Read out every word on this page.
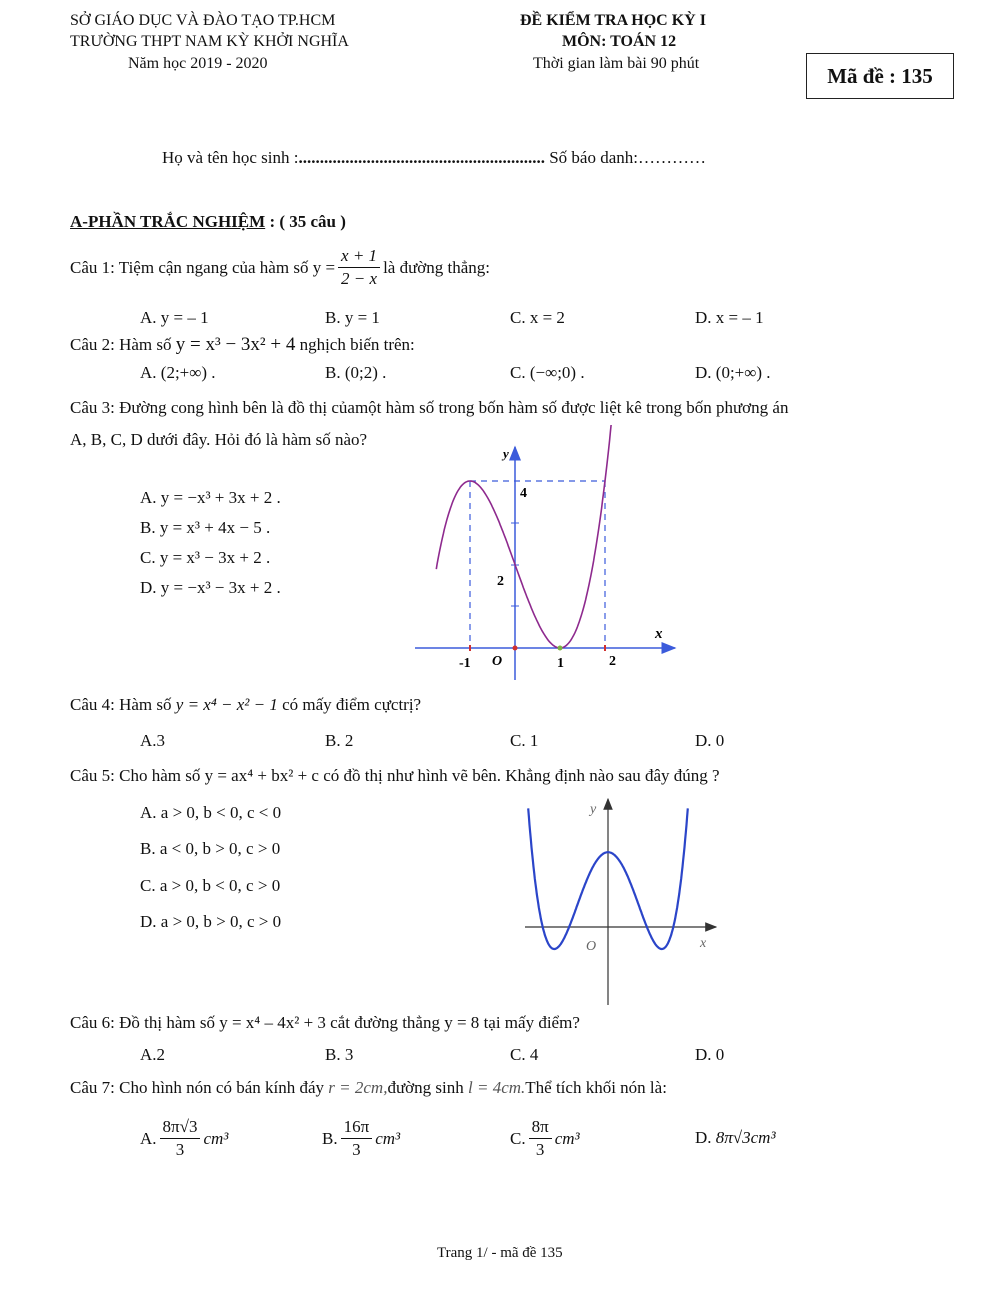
SỞ GIÁO DỤC VÀ ĐÀO TẠO TP.HCM
TRƯỜNG THPT NAM KỲ KHỞI NGHĨA
Năm học 2019 - 2020
ĐỀ KIỂM TRA HỌC KỲ I
MÔN: TOÁN 12
Thời gian làm bài 90 phút	Mã đề : 135
Họ và tên học sinh :.......................................................... Số báo danh:…………
A-PHẦN TRẮC NGHIỆM : ( 35 câu )
Câu 1: Tiệm cận ngang của hàm số $y = \frac{x + 1}{2 - x}$ là đường thẳng:
A. y = – 1	B. y = 1	C. x = 2	D. x = – 1
Câu 2: Hàm số y = x³ − 3x² + 4 nghịch biến trên:
A. (2;+∞) .	B. (0;2) .	C. (−∞;0) .	D. (0;+∞) .
Câu 3: Đường cong hình bên là đồ thị củamột hàm số trong bốn hàm số được liệt kê trong bốn phương án
A, B, C, D dưới đây. Hỏi đó là hàm số nào?
A. y = −x³ + 3x + 2 .
B. y = x³ + 4x − 5 .
C. y = x³ − 3x + 2 .
D. y = −x³ − 3x + 2 .
y
x
O
-1	1	2
2
4
Câu 4: Hàm số y = x⁴ − x² − 1 có mấy điểm cựctrị?
A.3	B. 2	C. 1	D. 0
Câu 5: Cho hàm số y = ax⁴ + bx² + c có đồ thị như hình vẽ bên. Khẳng định nào sau đây đúng ?
A. a > 0, b < 0, c < 0
B. a < 0, b > 0, c > 0
C. a > 0, b < 0, c > 0
D. a > 0, b > 0, c > 0
y
x
O
Câu 6: Đồ thị hàm số y = x⁴ – 4x² + 3 cắt đường thẳng y = 8 tại mấy điểm?
A.2	B. 3	C. 4	D. 0
Câu 7: Cho hình nón có bán kính đáy r = 2cm,đường sinh l = 4cm.Thể tích khối nón là:
A. $\frac{8\pi√3}{3} cm^3$	B. $\frac{16\pi}{3} cm^3$	C. $\frac{8\pi}{3} cm^3$	D. 8π√3cm³
Trang 1/ - mã đề 135
